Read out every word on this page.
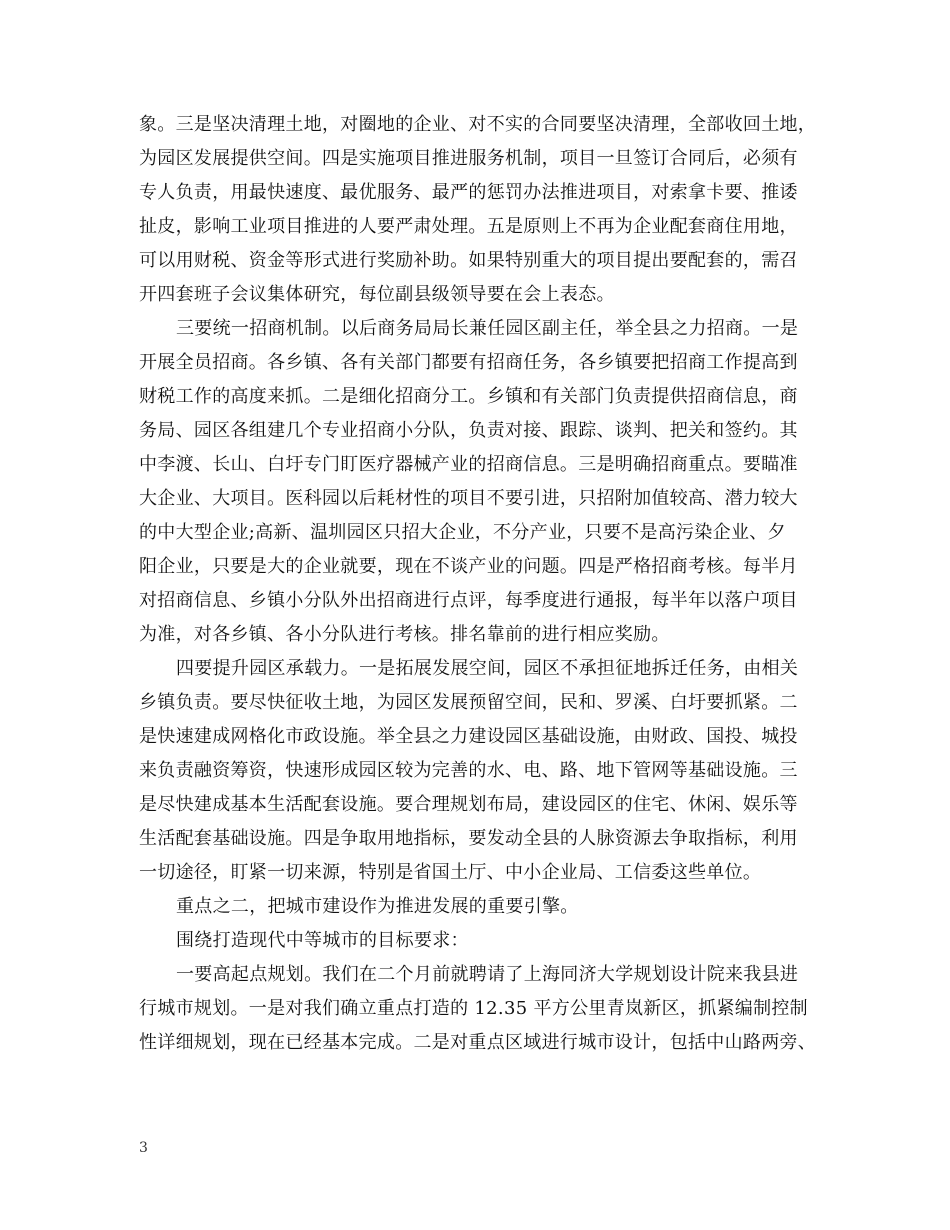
象。三是坚决清理土地，对圈地的企业、对不实的合同要坚决清理，全部收回土地，
为园区发展提供空间。四是实施项目推进服务机制，项目一旦签订合同后，必须有
专人负责，用最快速度、最优服务、最严的惩罚办法推进项目，对索拿卡要、推诿
扯皮，影响工业项目推进的人要严肃处理。五是原则上不再为企业配套商住用地，
可以用财税、资金等形式进行奖励补助。如果特别重大的项目提出要配套的，需召
开四套班子会议集体研究，每位副县级领导要在会上表态。
三要统一招商机制。以后商务局局长兼任园区副主任，举全县之力招商。一是
开展全员招商。各乡镇、各有关部门都要有招商任务，各乡镇要把招商工作提高到
财税工作的高度来抓。二是细化招商分工。乡镇和有关部门负责提供招商信息，商
务局、园区各组建几个专业招商小分队，负责对接、跟踪、谈判、把关和签约。其
中李渡、长山、白圩专门盯医疗器械产业的招商信息。三是明确招商重点。要瞄准
大企业、大项目。医科园以后耗材性的项目不要引进，只招附加值较高、潜力较大
的中大型企业;高新、温圳园区只招大企业，不分产业，只要不是高污染企业、夕
阳企业，只要是大的企业就要，现在不谈产业的问题。四是严格招商考核。每半月
对招商信息、乡镇小分队外出招商进行点评，每季度进行通报，每半年以落户项目
为准，对各乡镇、各小分队进行考核。排名靠前的进行相应奖励。
四要提升园区承载力。一是拓展发展空间，园区不承担征地拆迁任务，由相关
乡镇负责。要尽快征收土地，为园区发展预留空间，民和、罗溪、白圩要抓紧。二
是快速建成网格化市政设施。举全县之力建设园区基础设施，由财政、国投、城投
来负责融资筹资，快速形成园区较为完善的水、电、路、地下管网等基础设施。三
是尽快建成基本生活配套设施。要合理规划布局，建设园区的住宅、休闲、娱乐等
生活配套基础设施。四是争取用地指标，要发动全县的人脉资源去争取指标，利用
一切途径，盯紧一切来源，特别是省国土厅、中小企业局、工信委这些单位。
重点之二，把城市建设作为推进发展的重要引擎。
围绕打造现代中等城市的目标要求：
一要高起点规划。我们在二个月前就聘请了上海同济大学规划设计院来我县进
行城市规划。一是对我们确立重点打造的 12.35 平方公里青岚新区，抓紧编制控制
性详细规划，现在已经基本完成。二是对重点区域进行城市设计，包括中山路两旁、
3
